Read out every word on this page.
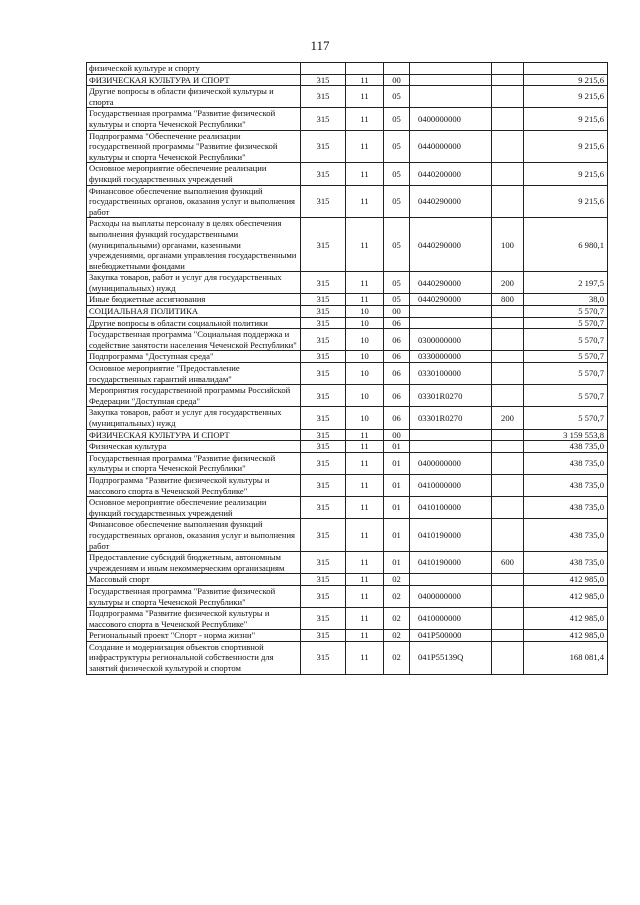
117
физической культуре и спорту						
ФИЗИЧЕСКАЯ КУЛЬТУРА И СПОРТ	315	11	00			9 215,6
Другие вопросы в области физической культуры и спорта	315	11	05			9 215,6
Государственная программа "Развитие физической культуры и спорта Чеченской Республики"	315	11	05	0400000000		9 215,6
Подпрограмма "Обеспечение реализации государственной программы "Развитие физической культуры и спорта Чеченской Республики"	315	11	05	0440000000		9 215,6
Основное мероприятие обеспечение реализации функций государственных учреждений	315	11	05	0440200000		9 215,6
Финансовое обеспечение выполнения функций государственных органов, оказания услуг и выполнения работ	315	11	05	0440290000		9 215,6
Расходы на выплаты персоналу в целях обеспечения выполнения функций государственными (муниципальными) органами, казенными учреждениями, органами управления государственными внебюджетными фондами	315	11	05	0440290000	100	6 980,1
Закупка товаров, работ и услуг для государственных (муниципальных) нужд	315	11	05	0440290000	200	2 197,5
Иные бюджетные ассигнования	315	11	05	0440290000	800	38,0
СОЦИАЛЬНАЯ ПОЛИТИКА	315	10	00			5 570,7
Другие вопросы в области социальной политики	315	10	06			5 570,7
Государственная программа "Социальная поддержка и содействие занятости населения Чеченской Республики"	315	10	06	0300000000		5 570,7
Подпрограмма "Доступная среда"	315	10	06	0330000000		5 570,7
Основное мероприятие "Предоставление государственных гарантий инвалидам"	315	10	06	0330100000		5 570,7
Мероприятия государственной программы Российской Федерации "Доступная среда"	315	10	06	03301R0270		5 570,7
Закупка товаров, работ и услуг для государственных (муниципальных) нужд	315	10	06	03301R0270	200	5 570,7
ФИЗИЧЕСКАЯ КУЛЬТУРА И СПОРТ	315	11	00			3 159 553,8
Физическая культура	315	11	01			438 735,0
Государственная программа "Развитие физической культуры и спорта Чеченской Республики"	315	11	01	0400000000		438 735,0
Подпрограмма "Развитие физической культуры и массового спорта в Чеченской Республике"	315	11	01	0410000000		438 735,0
Основное мероприятие обеспечение реализации функций государственных учреждений	315	11	01	0410100000		438 735,0
Финансовое обеспечение выполнения функций государственных органов, оказания услуг и выполнения работ	315	11	01	0410190000		438 735,0
Предоставление субсидий бюджетным, автономным учреждениям и иным некоммерческим организациям	315	11	01	0410190000	600	438 735,0
Массовый спорт	315	11	02			412 985,0
Государственная программа "Развитие физической культуры и спорта Чеченской Республики"	315	11	02	0400000000		412 985,0
Подпрограмма "Развитие физической культуры и массового спорта в Чеченской Республике"	315	11	02	0410000000		412 985,0
Региональный проект "Спорт - норма жизни"	315	11	02	041P500000		412 985,0
Создание и модернизация объектов спортивной инфраструктуры региональной собственности для занятий физической культурой и спортом	315	11	02	041P55139Q		168 081,4
